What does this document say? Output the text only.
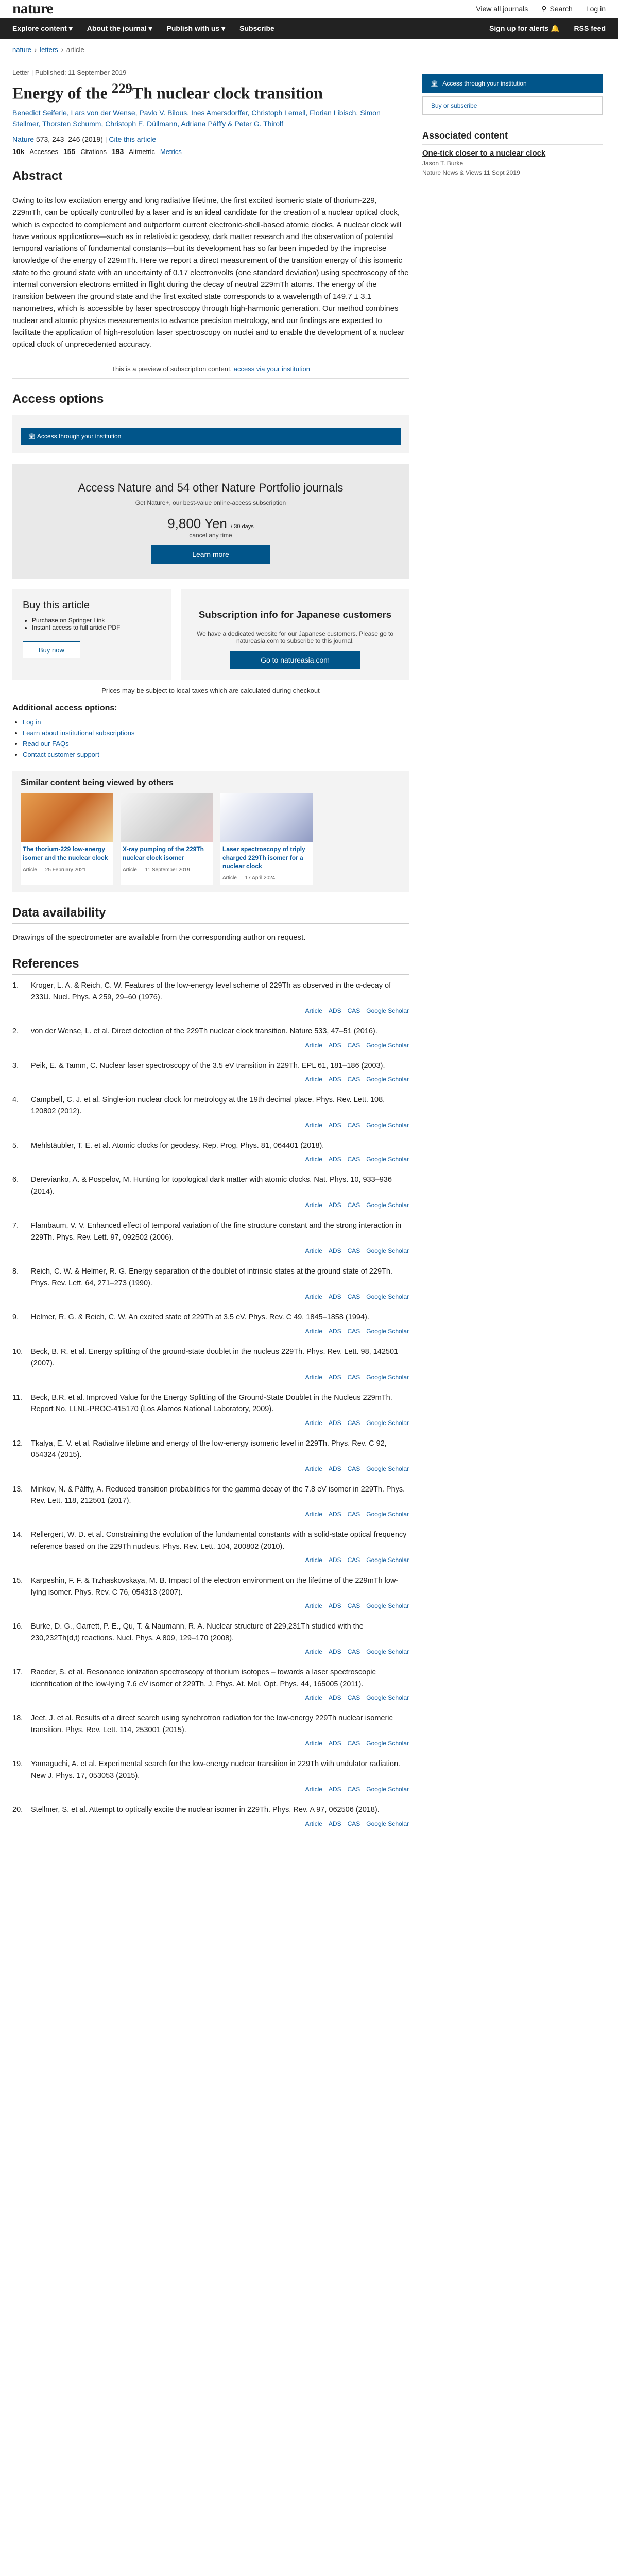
nature	View all journals ⚲ Search Log in
Explore content ▾ About the journal ▾ Publish with us ▾ Subscribe	Sign up for alerts 🔔 RSS feed
nature › letters › article
Letter | Published: 11 September 2019
Energy of the $^{229}$Th nuclear clock transition
Benedict Seiferle, Lars von der Wense, Pavlo V. Bilous, Ines Amersdorffer, Christoph Lemell, Florian Libisch, Simon Stellmer, Thorsten Schumm, Christoph E. Düllmann, Adriana Pálffy & Peter G. Thirolf
Nature 573, 243–246 (2019) | Cite this article
10k Accesses 155 Citations 193 Altmetric Metrics
Abstract

Owing to its low excitation energy and long radiative lifetime, the first excited isomeric state of thorium-229, 229mTh, can be optically controlled by a laser and is an ideal candidate for the creation of a nuclear optical clock, which is expected to complement and outperform current electronic-shell-based atomic clocks. A nuclear clock will have various applications—such as in relativistic geodesy, dark matter research and the observation of potential temporal variations of fundamental constants—but its development has so far been impeded by the imprecise knowledge of the energy of 229mTh. Here we report a direct measurement of the transition energy of this isomeric state to the ground state with an uncertainty of 0.17 electronvolts (one standard deviation) using spectroscopy of the internal conversion electrons emitted in flight during the decay of neutral 229mTh atoms. The energy of the transition between the ground state and the first excited state corresponds to a wavelength of 149.7 ± 3.1 nanometres, which is accessible by laser spectroscopy through high-harmonic generation. Our method combines nuclear and atomic physics measurements to advance precision metrology, and our findings are expected to facilitate the application of high-resolution laser spectroscopy on nuclei and to enable the development of a nuclear optical clock of unprecedented accuracy.

This is a preview of subscription content, access via your institution
Access options
🏛 Access through your institution
Access Nature and 54 other Nature Portfolio journals
Get Nature+, our best-value online-access subscription
9,800 Yen / 30 days
cancel any time
Learn more
Buy this article
• Purchase on Springer Link
• Instant access to full article PDF
Buy now
Subscription info for Japanese customers
We have a dedicated website for our Japanese customers. Please go to natureasia.com to subscribe to this journal.
Go to natureasia.com
Prices may be subject to local taxes which are calculated during checkout
Additional access options:
• Log in
• Learn about institutional subscriptions
• Read our FAQs
• Contact customer support
Similar content being viewed by others
The thorium-229 low-energy isomer and the nuclear clock
Article 25 February 2021
X-ray pumping of the 229Th nuclear clock isomer
Article 11 September 2019
Laser spectroscopy of triply charged 229Th isomer for a nuclear clock
Article 17 April 2024
Data availability

Drawings of the spectrometer are available from the corresponding author on request.

References
1.	Kroger, L. A. & Reich, C. W. Features of the low-energy level scheme of 229Th as observed in the α-decay of 233U. Nucl. Phys. A 259, 29–60 (1976).
Article ADS CAS Google Scholar
2.	von der Wense, L. et al. Direct detection of the 229Th nuclear clock transition. Nature 533, 47–51 (2016).
Article ADS CAS Google Scholar
3.	Peik, E. & Tamm, C. Nuclear laser spectroscopy of the 3.5 eV transition in 229Th. EPL 61, 181–186 (2003).
Article ADS CAS Google Scholar
4.	Campbell, C. J. et al. Single-ion nuclear clock for metrology at the 19th decimal place. Phys. Rev. Lett. 108, 120802 (2012).
Article ADS CAS Google Scholar
5.	Mehlstäubler, T. E. et al. Atomic clocks for geodesy. Rep. Prog. Phys. 81, 064401 (2018).
Article ADS CAS Google Scholar
6.	Derevianko, A. & Pospelov, M. Hunting for topological dark matter with atomic clocks. Nat. Phys. 10, 933–936 (2014).
Article ADS CAS Google Scholar
7.	Flambaum, V. V. Enhanced effect of temporal variation of the fine structure constant and the strong interaction in 229Th. Phys. Rev. Lett. 97, 092502 (2006).
Article ADS CAS Google Scholar
8.	Reich, C. W. & Helmer, R. G. Energy separation of the doublet of intrinsic states at the ground state of 229Th. Phys. Rev. Lett. 64, 271–273 (1990).
Article ADS CAS Google Scholar
9.	Helmer, R. G. & Reich, C. W. An excited state of 229Th at 3.5 eV. Phys. Rev. C 49, 1845–1858 (1994).
Article ADS CAS Google Scholar
10.	Beck, B. R. et al. Energy splitting of the ground-state doublet in the nucleus 229Th. Phys. Rev. Lett. 98, 142501 (2007).
Article ADS CAS Google Scholar
11.	Beck, B.R. et al. Improved Value for the Energy Splitting of the Ground-State Doublet in the Nucleus 229mTh. Report No. LLNL-PROC-415170 (Los Alamos National Laboratory, 2009).
Article ADS CAS Google Scholar
12.	Tkalya, E. V. et al. Radiative lifetime and energy of the low-energy isomeric level in 229Th. Phys. Rev. C 92, 054324 (2015).
Article ADS CAS Google Scholar
13.	Minkov, N. & Pálffy, A. Reduced transition probabilities for the gamma decay of the 7.8 eV isomer in 229Th. Phys. Rev. Lett. 118, 212501 (2017).
Article ADS CAS Google Scholar
14.	Rellergert, W. D. et al. Constraining the evolution of the fundamental constants with a solid-state optical frequency reference based on the 229Th nucleus. Phys. Rev. Lett. 104, 200802 (2010).
Article ADS CAS Google Scholar
15.	Karpeshin, F. F. & Trzhaskovskaya, M. B. Impact of the electron environment on the lifetime of the 229mTh low-lying isomer. Phys. Rev. C 76, 054313 (2007).
Article ADS CAS Google Scholar
16.	Burke, D. G., Garrett, P. E., Qu, T. & Naumann, R. A. Nuclear structure of 229,231Th studied with the 230,232Th(d,t) reactions. Nucl. Phys. A 809, 129–170 (2008).
Article ADS CAS Google Scholar
17.	Raeder, S. et al. Resonance ionization spectroscopy of thorium isotopes – towards a laser spectroscopic identification of the low-lying 7.6 eV isomer of 229Th. J. Phys. At. Mol. Opt. Phys. 44, 165005 (2011).
Article ADS CAS Google Scholar
18.	Jeet, J. et al. Results of a direct search using synchrotron radiation for the low-energy 229Th nuclear isomeric transition. Phys. Rev. Lett. 114, 253001 (2015).
Article ADS CAS Google Scholar
19.	Yamaguchi, A. et al. Experimental search for the low-energy nuclear transition in 229Th with undulator radiation. New J. Phys. 17, 053053 (2015).
Article ADS CAS Google Scholar
20.	Stellmer, S. et al. Attempt to optically excite the nuclear isomer in 229Th. Phys. Rev. A 97, 062506 (2018).
Article ADS CAS Google Scholar
🏛 Access through your institution
Buy or subscribe
Associated content
One-tick closer to a nuclear clock
Jason T. Burke
Nature News & Views 11 Sept 2019
